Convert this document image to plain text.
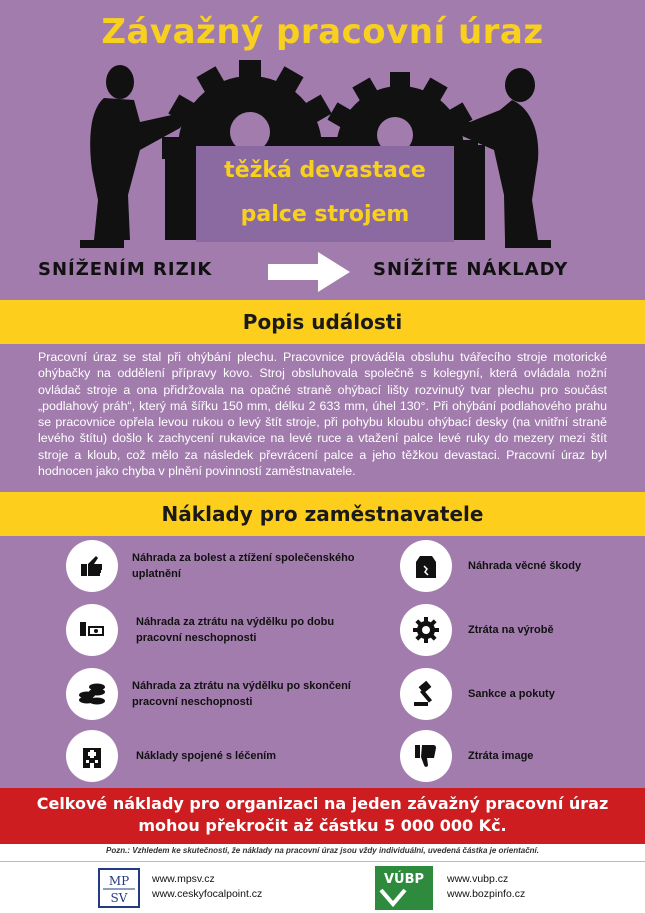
Závažný pracovní úraz
těžká devastace
palce strojem
SNÍŽENÍM RIZIK	SNÍŽÍTE NÁKLADY
Popis události

Pracovní úraz se stal při ohýbání plechu. Pracovnice prováděla obsluhu tvářecího stroje motorické ohýbačky na oddělení přípravy kovo. Stroj obsluhovala společně s kolegyní, která ovládala nožní ovládač stroje a ona přidržovala na opačné straně ohýbací lišty rozvinutý tvar plechu pro součást „podlahový práh“, který má šířku 150 mm, délku 2 633 mm, úhel 130°. Při ohýbání podlahového prahu se pracovnice opřela levou rukou o levý štít stroje, při pohybu kloubu ohýbací desky (na vnitřní straně levého štítu) došlo k zachycení rukavice na levé ruce a vtažení palce levé ruky do mezery mezi štít stroje a kloub, což mělo za následek převrácení palce a jeho těžkou devastaci. Pracovní úraz byl hodnocen jako chyba v plnění povinností zaměstnavatele.

Náklady pro zaměstnavatele
Náhrada za bolest a ztížení společenského uplatnění
Náhrada za ztrátu na výdělku po dobu pracovní neschopnosti
Náhrada za ztrátu na výdělku po skončení pracovní neschopnosti
Náklady spojené s léčením
Náhrada věcné škody
Ztráta na výrobě
Sankce a pokuty
Ztráta image
Celkové náklady pro organizaci na jeden závažný pracovní úraz
mohou překročit až částku 5 000 000 Kč.
Pozn.: Vzhledem ke skutečnosti, že náklady na pracovní úraz jsou vždy individuální, uvedená částka je orientační.
MP
SV
www.mpsv.cz
www.ceskyfocalpoint.cz
VÚBP www.vubp.cz
www.bozpinfo.cz
